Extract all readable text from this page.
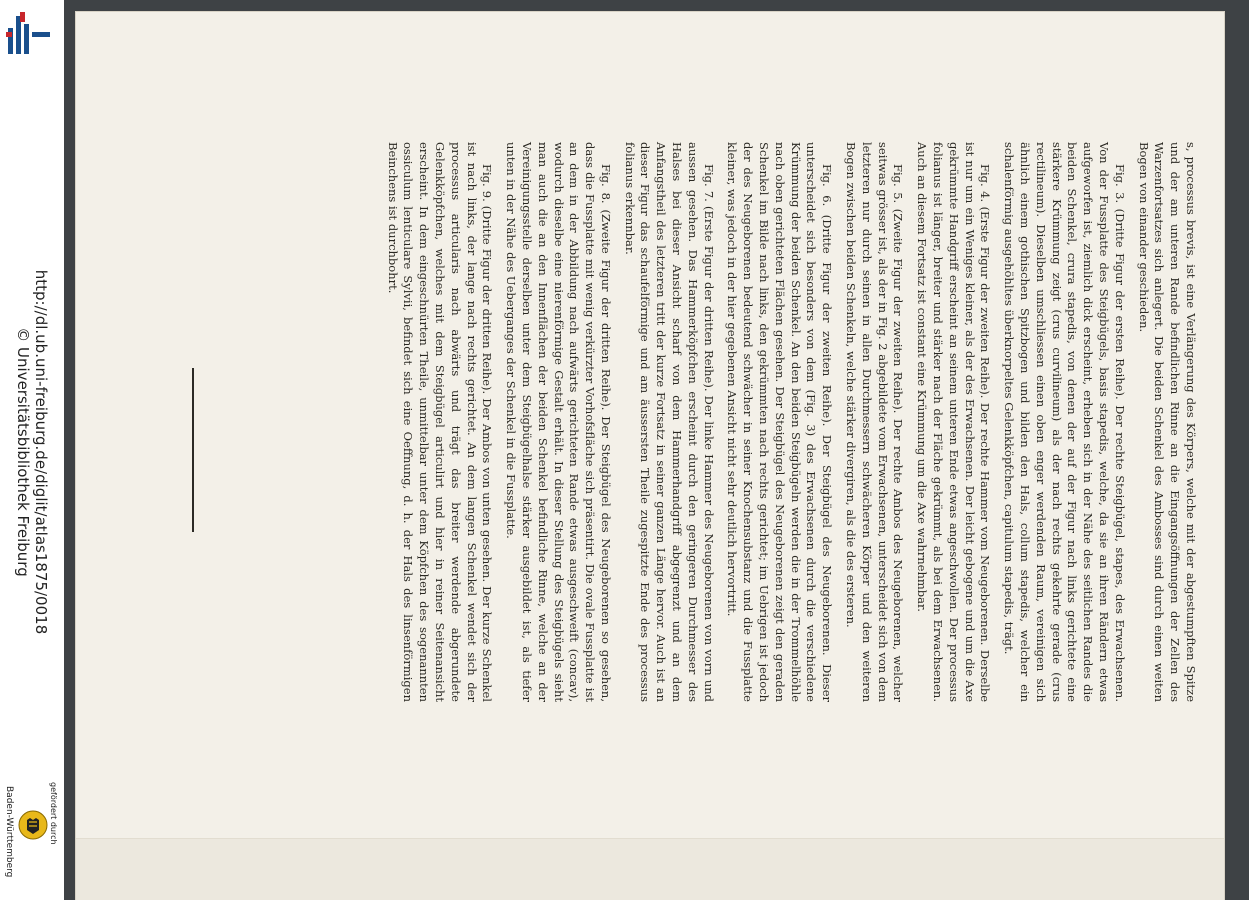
http://dl.ub.uni-freiburg.de/diglit/atlas1875/0018
© Universitätsbibliothek Freiburg
gefördert durch
Baden-Württemberg

s, processus brevis, ist eine Verlängerung des Körpers, welche mit der abgestumpften Spitze und der am unteren Rande befindlichen Rinne an die Eingangsöffnungen der Zellen des Warzenfortsatzes sich anlegert. Die beiden Schenkel des Ambosses sind durch einen weiten Bogen von einander geschieden.

Fig. 3. (Dritte Figur der ersten Reihe). Der rechte Steigbügel, stapes, des Erwachsenen. Von der Fussplatte des Steigbügels, basis stapedis, welche, da sie an ihren Rändern etwas aufgeworfen ist, ziemlich dick erscheint, erheben sich in der Nähe des seitlichen Randes die beiden Schenkel, crura stapedis, von denen der auf der Figur nach links gerichtete eine stärkere Krümmung zeigt (crus curvilineum) als der nach rechts gekehrte gerade (crus rectilineum). Dieselben umschliessen einen oben enger werdenden Raum, vereinigen sich ähnlich einem gothischen Spitzbogen und bilden den Hals, collum stapedis, welcher ein schalenförmig ausgehöhltes überknorpeltes Gelenkköpfchen, capitulum stapedis, trägt.

Fig. 4. (Erste Figur der zweiten Reihe). Der rechte Hammer vom Neugeborenen. Derselbe ist nur um ein Weniges kleiner, als der des Erwachsenen. Der leicht gebogene und um die Axe gekrümmte Handgriff erscheint an seinem unteren Ende etwas angeschwollen. Der processus folianus ist länger, breiter und stärker nach der Fläche gekrümmt, als bei dem Erwachsenen. Auch an diesem Fortsatz ist constant eine Krümmung um die Axe wahrnehmbar.

Fig. 5. (Zweite Figur der zweiten Reihe). Der rechte Ambos des Neugeborenen, welcher seitwas grösser ist, als der in Fig. 2 abgebildete vom Erwachsenen, unterscheidet sich von dem letzteren nur durch seinen in allen Durchmessern schwächeren Körper und den weiteren Bogen zwischen beiden Schenkeln, welche stärker divergiren, als die des ersteren.

Fig. 6. (Dritte Figur der zweiten Reihe). Der Steigbügel des Neugeborenen. Dieser unterscheidet sich besonders von dem (Fig. 3) des Erwachsenen durch die verschiedene Krümmung der beiden Schenkel. An den beiden Steigbügeln werden die in der Trommelhöhle nach oben gerichteten Flächen gesehen. Der Steigbügel des Neugeborenen zeigt den geraden Schenkel im Bilde nach links, den gekrümmten nach rechts gerichtet; im Uebrigen ist jedoch der des Neugeborenen bedeutend schwächer in seiner Knochensubstanz und die Fussplatte kleiner, was jedoch in der hier gegebenen Ansicht nicht sehr deutlich hervortritt.

Fig. 7. (Erste Figur der dritten Reihe). Der linke Hammer des Neugeborenen von vorn und aussen gesehen. Das Hammerköpfchen erscheint durch den geringeren Durchmesser des Halses bei dieser Ansicht scharf von dem Hammerhandgriff abgegrenzt und an dem Anfangstheil des letzteren tritt der kurze Fortsatz in seiner ganzen Länge hervor. Auch ist an dieser Figur das schaufelförmige und am äussersten Theile zugespitzte Ende des processus folianus erkennbar.

Fig. 8. (Zweite Figur der dritten Reihe). Der Steigbügel des Neugeborenen so gesehen, dass die Fussplatte mit wenig verkürzter Vorhofsfläche sich präsentirt. Die ovale Fussplatte ist an dem in der Abbildung nach aufwärts gerichteten Rande etwas ausgeschweift (concav), wodurch dieselbe eine nierenförmige Gestalt erhält. In dieser Stellung des Steigbügels sieht man auch die an den Innenflächen der beiden Schenkel befindliche Rinne, welche an der Vereinigungsstelle derselben unter dem Steigbügelhalse stärker ausgebildet ist, als tiefer unten in der Nähe des Ueberganges der Schenkel in die Fussplatte.

Fig. 9. (Dritte Figur der dritten Reihe). Der Ambos von unten gesehen. Der kurze Schenkel ist nach links, der lange nach rechts gerichtet. An dem langen Schenkel wendet sich der processus articularis nach abwärts und trägt das breiter werdende abgerundete Gelenkköpfchen, welches mit dem Steigbügel articulirt und hier in reiner Seitenansicht erscheint. In dem eingeschnürten Theile, unmittelbar unter dem Köpfchen des sogenannten ossiculum lenticulare Sylvii, befindet sich eine Oeffnung, d. h. der Hals des linsenförmigen Beinchens ist durchbohrt.
